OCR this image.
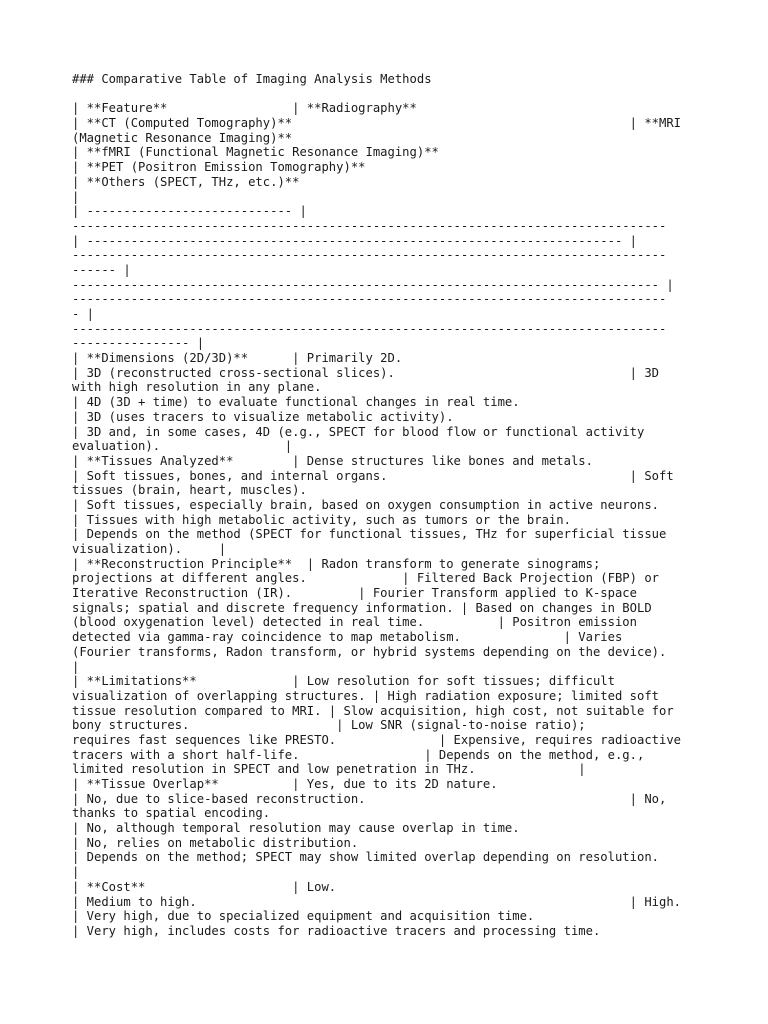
### Comparative Table of Imaging Analysis Methods
| **Feature**                 | **Radiography**
| **CT (Computed Tomography)**                                              | **MRI
(Magnetic Resonance Imaging)**
| **fMRI (Functional Magnetic Resonance Imaging)**
| **PET (Positron Emission Tomography)**
| **Others (SPECT, THz, etc.)**
|
| ---------------------------- |
---------------------------------------------------------------------------------
| ------------------------------------------------------------------------- |
---------------------------------------------------------------------------------
------ |
-------------------------------------------------------------------------------- |
---------------------------------------------------------------------------------
- |
---------------------------------------------------------------------------------
---------------- |
| **Dimensions (2D/3D)**      | Primarily 2D.
| 3D (reconstructed cross-sectional slices).                                | 3D
with high resolution in any plane.
| 4D (3D + time) to evaluate functional changes in real time.
| 3D (uses tracers to visualize metabolic activity).
| 3D and, in some cases, 4D (e.g., SPECT for blood flow or functional activity
evaluation).                 |
| **Tissues Analyzed**        | Dense structures like bones and metals.
| Soft tissues, bones, and internal organs.                                 | Soft
tissues (brain, heart, muscles).
| Soft tissues, especially brain, based on oxygen consumption in active neurons.
| Tissues with high metabolic activity, such as tumors or the brain.
| Depends on the method (SPECT for functional tissues, THz for superficial tissue
visualization).     |
| **Reconstruction Principle**  | Radon transform to generate sinograms;
projections at different angles.             | Filtered Back Projection (FBP) or
Iterative Reconstruction (IR).         | Fourier Transform applied to K-space
signals; spatial and discrete frequency information. | Based on changes in BOLD
(blood oxygenation level) detected in real time.          | Positron emission
detected via gamma-ray coincidence to map metabolism.              | Varies
(Fourier transforms, Radon transform, or hybrid systems depending on the device).
|
| **Limitations**             | Low resolution for soft tissues; difficult
visualization of overlapping structures. | High radiation exposure; limited soft
tissue resolution compared to MRI. | Slow acquisition, high cost, not suitable for
bony structures.                    | Low SNR (signal-to-noise ratio);
requires fast sequences like PRESTO.              | Expensive, requires radioactive
tracers with a short half-life.                 | Depends on the method, e.g.,
limited resolution in SPECT and low penetration in THz.              |
| **Tissue Overlap**          | Yes, due to its 2D nature.
| No, due to slice-based reconstruction.                                    | No,
thanks to spatial encoding.
| No, although temporal resolution may cause overlap in time.
| No, relies on metabolic distribution.
| Depends on the method; SPECT may show limited overlap depending on resolution.
|
| **Cost**                    | Low.
| Medium to high.                                                           | High.
| Very high, due to specialized equipment and acquisition time.
| Very high, includes costs for radioactive tracers and processing time.
